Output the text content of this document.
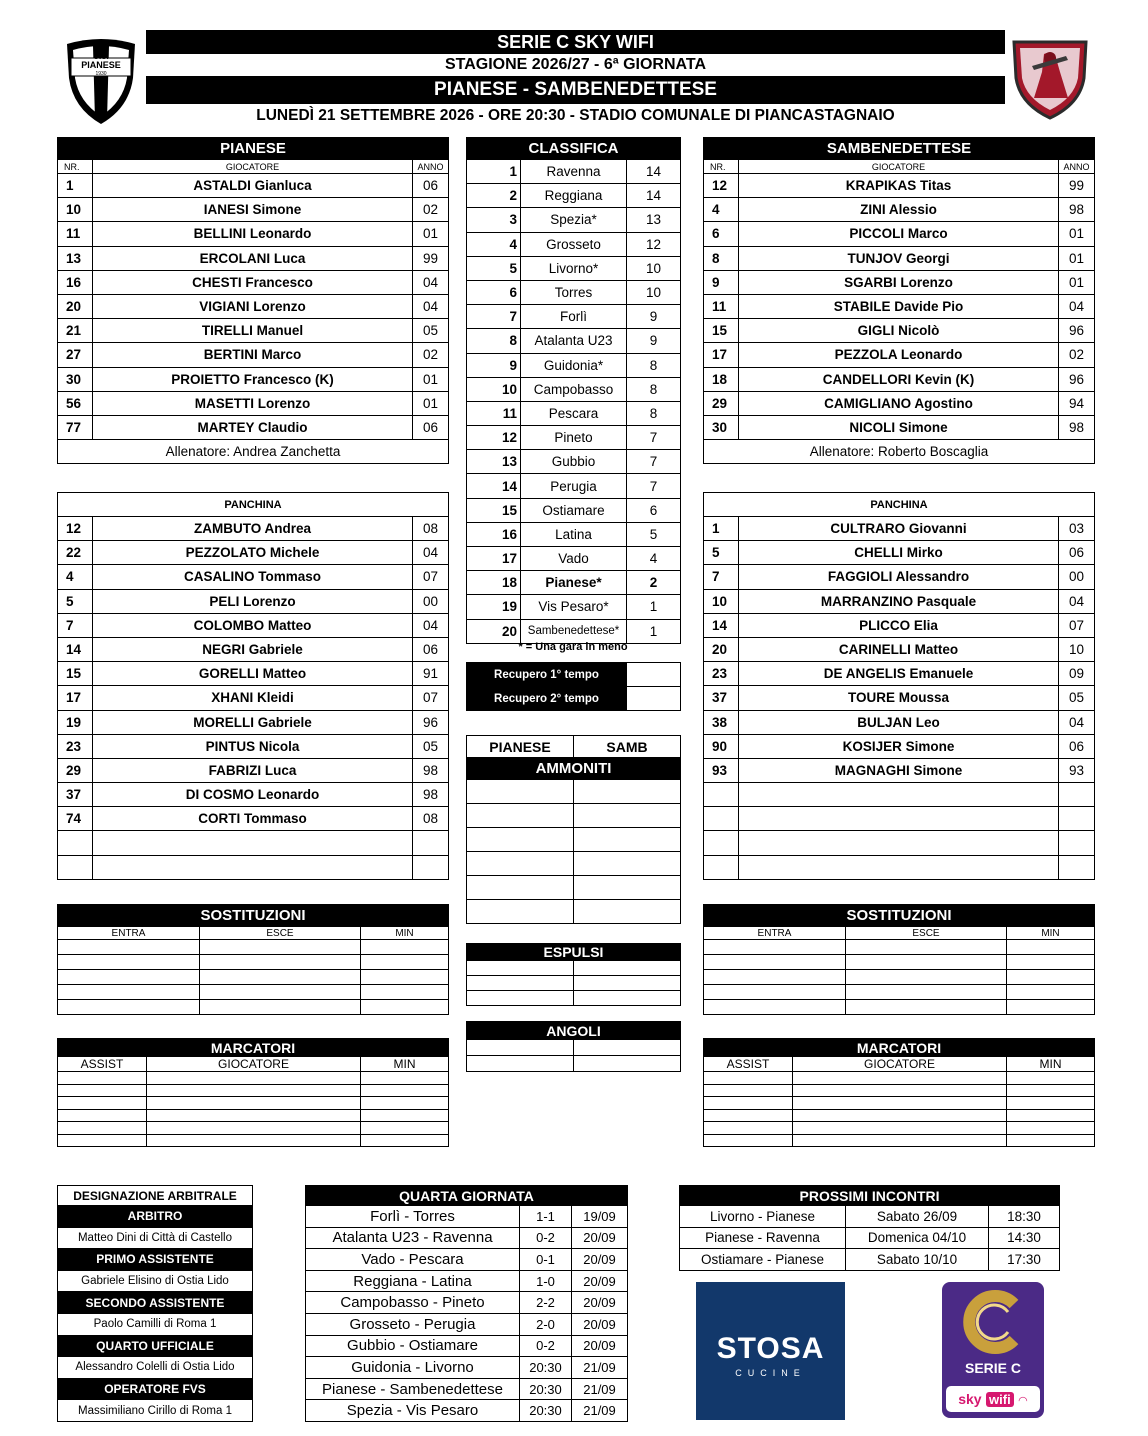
SERIE C SKY WIFI
STAGIONE 2026/27 - 6ª GIORNATA
PIANESE - SAMBENEDETTESE
LUNEDÌ 21 SETTEMBRE 2026 - ORE 20:30 - STADIO COMUNALE DI PIANCASTAGNAIO
U.S.
PIANESE
1930
PIANESE		
NR.	GIOCATORE	ANNO
1	ASTALDI Gianluca	06
10	IANESI Simone	02
11	BELLINI Leonardo	01
13	ERCOLANI Luca	99
16	CHESTI Francesco	04
20	VIGIANI Lorenzo	04
21	TIRELLI Manuel	05
27	BERTINI Marco	02
30	PROIETTO Francesco (K)	01
56	MASETTI Lorenzo	01
77	MARTEY Claudio	06
Allenatore: Andrea Zanchetta		
SAMBENEDETTESE		
NR.	GIOCATORE	ANNO
12	KRAPIKAS Titas	99
4	ZINI Alessio	98
6	PICCOLI Marco	01
8	TUNJOV Georgi	01
9	SGARBI Lorenzo	01
11	STABILE Davide Pio	04
15	GIGLI Nicolò	96
17	PEZZOLA Leonardo	02
18	CANDELLORI Kevin (K)	96
29	CAMIGLIANO Agostino	94
30	NICOLI Simone	98
Allenatore: Roberto Boscaglia		
CLASSIFICA		
1	Ravenna	14
2	Reggiana	14
3	Spezia*	13
4	Grosseto	12
5	Livorno*	10
6	Torres	10
7	Forlì	9
8	Atalanta U23	9
9	Guidonia*	8
10	Campobasso	8
11	Pescara	8
12	Pineto	7
13	Gubbio	7
14	Perugia	7
15	Ostiamare	6
16	Latina	5
17	Vado	4
18	Pianese*	2
19	Vis Pesaro*	1
20	Sambenedettese*	1
* = Una gara in meno
Recupero 1° tempo	
Recupero 2° tempo	
PIANESE	SAMB
AMMONITI	

ESPULSI	

ANGOLI	

PANCHINA		
12	ZAMBUTO Andrea	08
22	PEZZOLATO Michele	04
4	CASALINO Tommaso	07
5	PELI Lorenzo	00
7	COLOMBO Matteo	04
14	NEGRI Gabriele	06
15	GORELLI Matteo	91
17	XHANI Kleidi	07
19	MORELLI Gabriele	96
23	PINTUS Nicola	05
29	FABRIZI Luca	98
37	DI COSMO Leonardo	98
74	CORTI Tommaso	08

PANCHINA		
1	CULTRARO Giovanni	03
5	CHELLI Mirko	06
7	FAGGIOLI Alessandro	00
10	MARRANZINO Pasquale	04
14	PLICCO Elia	07
20	CARINELLI Matteo	10
23	DE ANGELIS Emanuele	09
37	TOURE Moussa	05
38	BULJAN Leo	04
90	KOSIJER Simone	06
93	MAGNAGHI Simone	93

SOSTITUZIONI		
ENTRA	ESCE	MIN

SOSTITUZIONI		
ENTRA	ESCE	MIN

MARCATORI		
ASSIST	GIOCATORE	MIN

MARCATORI		
ASSIST	GIOCATORE	MIN

DESIGNAZIONE ARBITRALE
ARBITRO
Matteo Dini di Città di Castello
PRIMO ASSISTENTE
Gabriele Elisino di Ostia Lido
SECONDO ASSISTENTE
Paolo Camilli di Roma 1
QUARTO UFFICIALE
Alessandro Colelli di Ostia Lido
OPERATORE FVS
Massimiliano Cirillo di Roma 1
QUARTA GIORNATA		
Forlì - Torres	1-1	19/09
Atalanta U23 - Ravenna	0-2	20/09
Vado - Pescara	0-1	20/09
Reggiana - Latina	1-0	20/09
Campobasso - Pineto	2-2	20/09
Grosseto - Perugia	2-0	20/09
Gubbio - Ostiamare	0-2	20/09
Guidonia - Livorno	20:30	21/09
Pianese - Sambenedettese	20:30	21/09
Spezia - Vis Pesaro	20:30	21/09
PROSSIMI INCONTRI		
Livorno - Pianese	Sabato 26/09	18:30
Pianese - Ravenna	Domenica 04/10	14:30
Ostiamare - Pianese	Sabato 10/10	17:30
STOSA
CUCINE	SERIE C
sky wifi ◠
